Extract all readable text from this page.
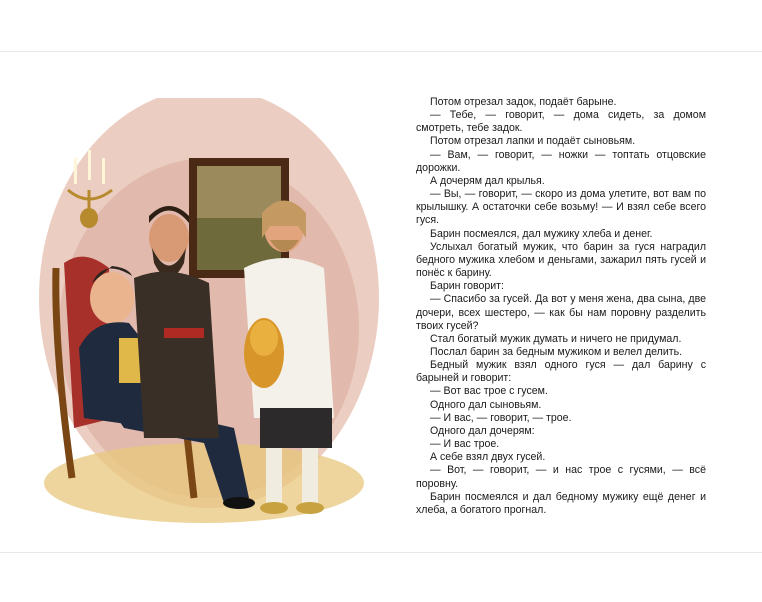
Потом отрезал задок, подаёт барыне.

— Тебе, — говорит, — дома сидеть, за домом смотреть, тебе задок.

Потом отрезал лапки и подаёт сыновьям.

— Вам, — говорит, — ножки — топтать отцовские дорожки.

А дочерям дал крылья.

— Вы, — говорит, — скоро из дома улетите, вот вам по крылышку. А остаточки себе возьму! — И взял себе всего гуся.

Барин посмеялся, дал мужику хлеба и денег.

Услыхал богатый мужик, что барин за гуся наградил бедного мужика хлебом и деньгами, зажарил пять гусей и понёс к барину.

Барин говорит:

— Спасибо за гусей. Да вот у меня жена, два сына, две дочери, всех шестеро, — как бы нам поровну разделить твоих гусей?

Стал богатый мужик думать и ничего не придумал.

Послал барин за бедным мужиком и велел делить.

Бедный мужик взял одного гуся — дал барину с барыней и говорит:

— Вот вас трое с гусем.

Одного дал сыновьям.

— И вас, — говорит, — трое.

Одного дал дочерям:

— И вас трое.

А себе взял двух гусей.

— Вот, — говорит, — и нас трое с гусями, — всё поровну.

Барин посмеялся и дал бедному мужику ещё денег и хлеба, а богатого прогнал.
